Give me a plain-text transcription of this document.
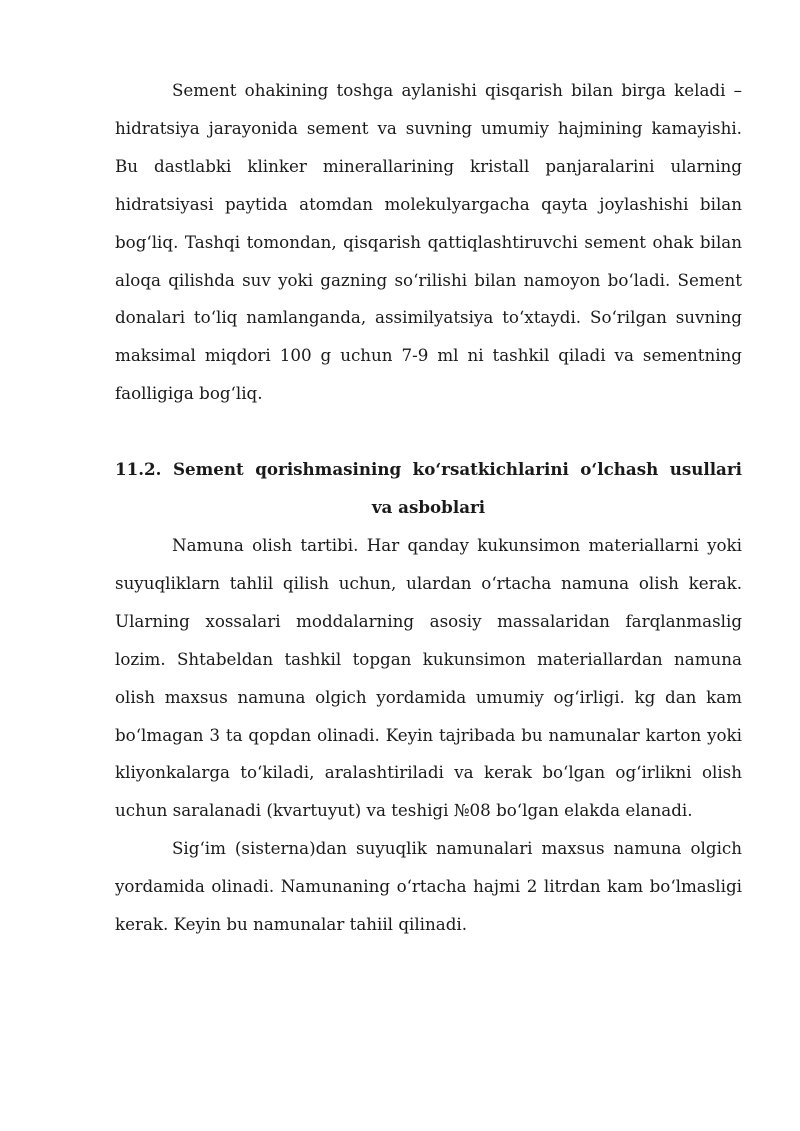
Sement ohakining toshga aylanishi qisqarish bilan birga keladi – hidratsiya jarayonida sement va suvning umumiy hajmining kamayishi. Bu dastlabki klinker minerallarining kristall panjaralarini ularning hidratsiyasi paytida atomdan molekulyargacha qayta joylashishi bilan bog‘liq. Tashqi tomondan, qisqarish qattiqlashtiruvchi sement ohak bilan aloqa qilishda suv yoki gazning so‘rilishi bilan namoyon bo‘ladi. Sement donalari to‘liq namlanganda, assimilyatsiya to‘xtaydi. So‘rilgan suvning maksimal miqdori 100 g uchun 7-9 ml ni tashkil qiladi va sementning faolligiga bog‘liq.

11.2. Sement qorishmasining ko‘rsatkichlarini o‘lchash usullari
va asboblari

Namuna olish tartibi. Har qanday kukunsimon materiallarni yoki suyuqliklarn tahlil qilish uchun, ulardan o‘rtacha namuna olish kerak. Ularning xossalari moddalarning asosiy massalaridan farqlanmaslig lozim. Shtabeldan tashkil topgan kukunsimon materiallardan namuna olish maxsus namuna olgich yordamida umumiy og‘irligi. kg dan kam bo‘lmagan 3 ta qopdan olinadi. Keyin tajribada bu namunalar karton yoki kliyonkalarga to‘kiladi, aralashtiriladi va kerak bo‘lgan og‘irlikni olish uchun saralanadi (kvartuyut) va teshigi №08 bo‘lgan elakda elanadi.

Sig‘im (sisterna)dan suyuqlik namunalari maxsus namuna olgich yordamida olinadi. Namunaning o‘rtacha hajmi 2 litrdan kam bo‘lmasligi kerak. Keyin bu namunalar tahiil qilinadi.
